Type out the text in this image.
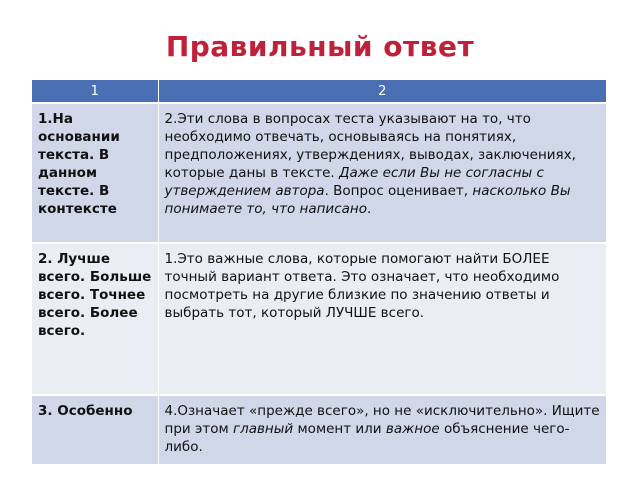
Правильный ответ
1	2
1.На основании текста. В данном тексте. В контексте	2.Эти слова в вопросах теста указывают на то, что необходимо отвечать, основываясь на понятиях, предположениях, утверждениях, выводах, заключениях, которые даны в тексте. Даже если Вы не согласны с утверждением автора. Вопрос оценивает, насколько Вы понимаете то, что написано.
2. Лучше всего. Больше всего. Точнее всего. Более всего.	1.Это важные слова, которые помогают найти БОЛЕЕ точный вариант ответа. Это означает, что необходимо посмотреть на другие близкие по значению ответы и выбрать тот, который ЛУЧШЕ всего.
3. Особенно	4.Означает «прежде всего», но не «исключительно». Ищите при этом главный момент или важное объяснение чего-либо.
